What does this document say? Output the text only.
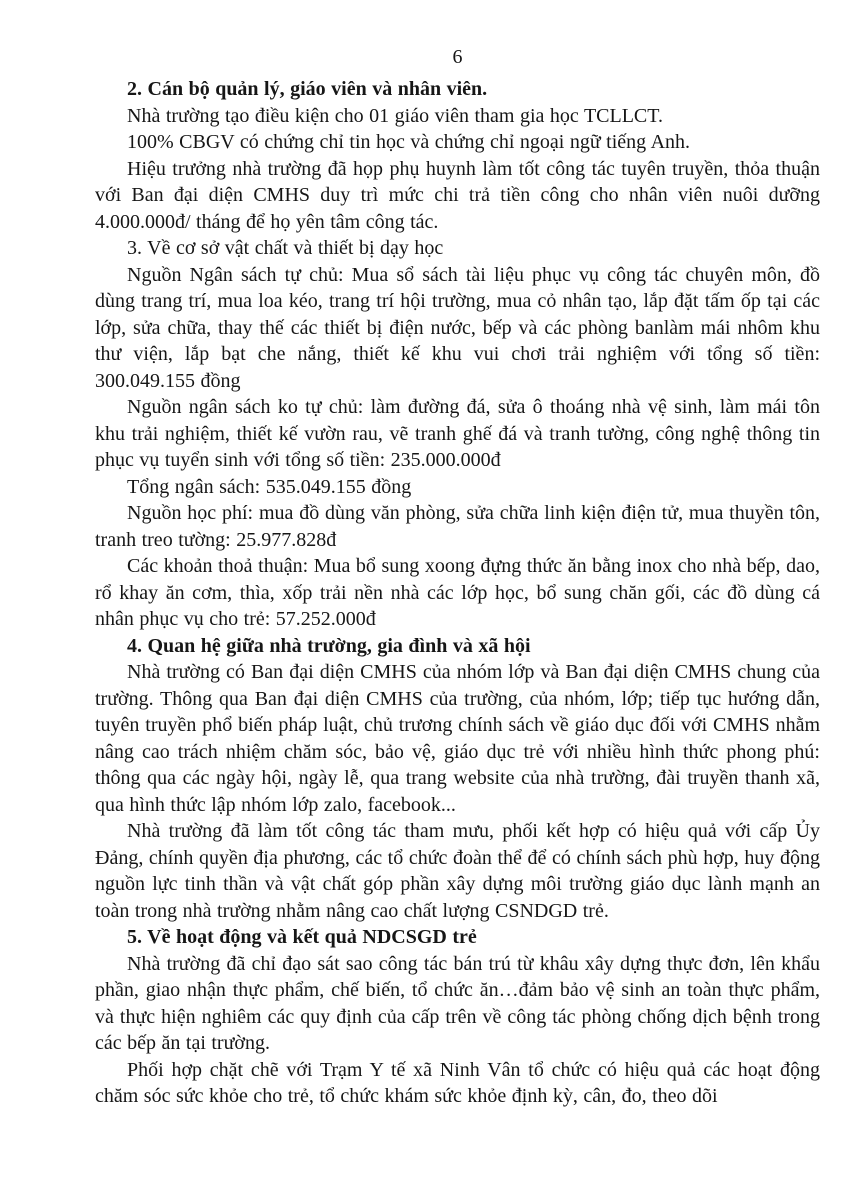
6

2. Cán bộ quản lý, giáo viên và nhân viên.

Nhà trường tạo điều kiện cho 01 giáo viên tham gia học TCLLCT.

100% CBGV có chứng chỉ tin học và chứng chỉ ngoại ngữ tiếng Anh.

Hiệu trưởng nhà trường đã họp phụ huynh làm tốt công tác tuyên truyền, thỏa thuận với Ban đại diện CMHS duy trì mức chi trả tiền công cho nhân viên nuôi dưỡng 4.000.000đ/ tháng để họ yên tâm công tác.

3. Về cơ sở vật chất và thiết bị dạy học

Nguồn Ngân sách tự chủ: Mua sổ sách tài liệu phục vụ công tác chuyên môn, đồ dùng trang trí, mua loa kéo, trang trí hội trường, mua cỏ nhân tạo, lắp đặt tấm ốp tại các lớp, sửa chữa, thay thế các thiết bị điện nước, bếp và các phòng banlàm mái nhôm khu thư viện, lắp bạt che nắng, thiết kế khu vui chơi trải nghiệm với tổng số tiền: 300.049.155 đồng

Nguồn ngân sách ko tự chủ: làm đường đá, sửa ô thoáng nhà vệ sinh, làm mái tôn khu trải nghiệm, thiết kế vườn rau, vẽ tranh ghế đá và tranh tường, công nghệ thông tin phục vụ tuyển sinh với tổng số tiền: 235.000.000đ

Tổng ngân sách: 535.049.155 đồng

Nguồn học phí: mua đồ dùng văn phòng, sửa chữa linh kiện điện tử, mua thuyền tôn, tranh treo tường: 25.977.828đ

Các khoản thoả thuận: Mua bổ sung xoong đựng thức ăn bằng inox cho nhà bếp, dao, rổ khay ăn cơm, thìa, xốp trải nền nhà các lớp học, bổ sung chăn gối, các đồ dùng cá nhân phục vụ cho trẻ: 57.252.000đ

4. Quan hệ giữa nhà trường, gia đình và xã hội

Nhà trường có Ban đại diện CMHS của nhóm lớp và Ban đại diện CMHS chung của trường. Thông qua Ban đại diện CMHS của trường, của nhóm, lớp; tiếp tục hướng dẫn, tuyên truyền phổ biến pháp luật, chủ trương chính sách về giáo dục đối với CMHS nhằm nâng cao trách nhiệm chăm sóc, bảo vệ, giáo dục trẻ với nhiều hình thức phong phú: thông qua các ngày hội, ngày lễ, qua trang website của nhà trường, đài truyền thanh xã, qua hình thức lập nhóm lớp zalo, facebook...

Nhà trường đã làm tốt công tác tham mưu, phối kết hợp có hiệu quả với cấp Ủy Đảng, chính quyền địa phương, các tổ chức đoàn thể để có chính sách phù hợp, huy động nguồn lực tinh thần và vật chất góp phần xây dựng môi trường giáo dục lành mạnh an toàn trong nhà trường nhằm nâng cao chất lượng CSNDGD trẻ.

5. Về hoạt động và kết quả NDCSGD trẻ

Nhà trường đã chỉ đạo sát sao công tác bán trú từ khâu xây dựng thực đơn, lên khẩu phần, giao nhận thực phẩm, chế biến, tổ chức ăn…đảm bảo vệ sinh an toàn thực phẩm, và thực hiện nghiêm các quy định của cấp trên về công tác phòng chống dịch bệnh trong các bếp ăn tại trường.

Phối hợp chặt chẽ với Trạm Y tế xã Ninh Vân tổ chức có hiệu quả các hoạt động chăm sóc sức khỏe cho trẻ, tổ chức khám sức khỏe định kỳ, cân, đo, theo dõi
